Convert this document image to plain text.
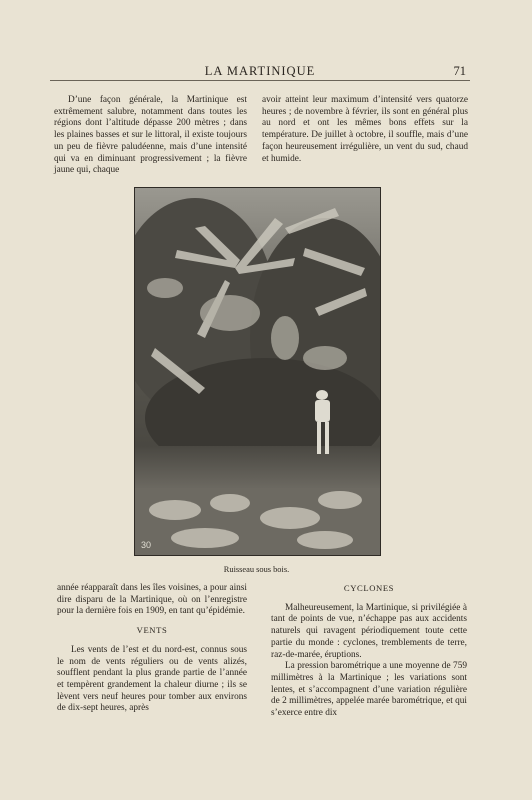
LA MARTINIQUE	71

D’une façon générale, la Martinique est extrêmement salubre, notamment dans toutes les régions dont l’altitude dépasse 200 mètres ; dans les plaines basses et sur le littoral, il existe toujours un peu de fièvre paludéenne, mais d’une intensité qui va en diminuant progressivement ; la fièvre jaune qui, chaque

avoir atteint leur maximum d’intensité vers quatorze heures ; de novembre à février, ils sont en général plus au nord et ont les mêmes bons effets sur la température. De juillet à octobre, il souffle, mais d’une façon heureusement irrégulière, un vent du sud, chaud et humide.

30
Ruisseau sous bois.

année réapparaît dans les îles voisines, a pour ainsi dire disparu de la Martinique, où on l’enregistre pour la dernière fois en 1909, en tant qu’épidémie.

VENTS

Les vents de l’est et du nord-est, connus sous le nom de vents réguliers ou de vents alizés, soufflent pendant la plus grande partie de l’année et tempèrent grandement la chaleur diurne ; ils se lèvent vers neuf heures pour tomber aux environs de dix-sept heures, après

CYCLONES

Malheureusement, la Martinique, si privilégiée à tant de points de vue, n’échappe pas aux accidents naturels qui ravagent périodiquement toute cette partie du monde : cyclones, tremblements de terre, raz-de-marée, éruptions.

La pression barométrique a une moyenne de 759 millimètres à la Martinique ; les variations sont lentes, et s’accompagnent d’une variation régulière de 2 millimètres, appelée marée barométrique, et qui s’exerce entre dix
